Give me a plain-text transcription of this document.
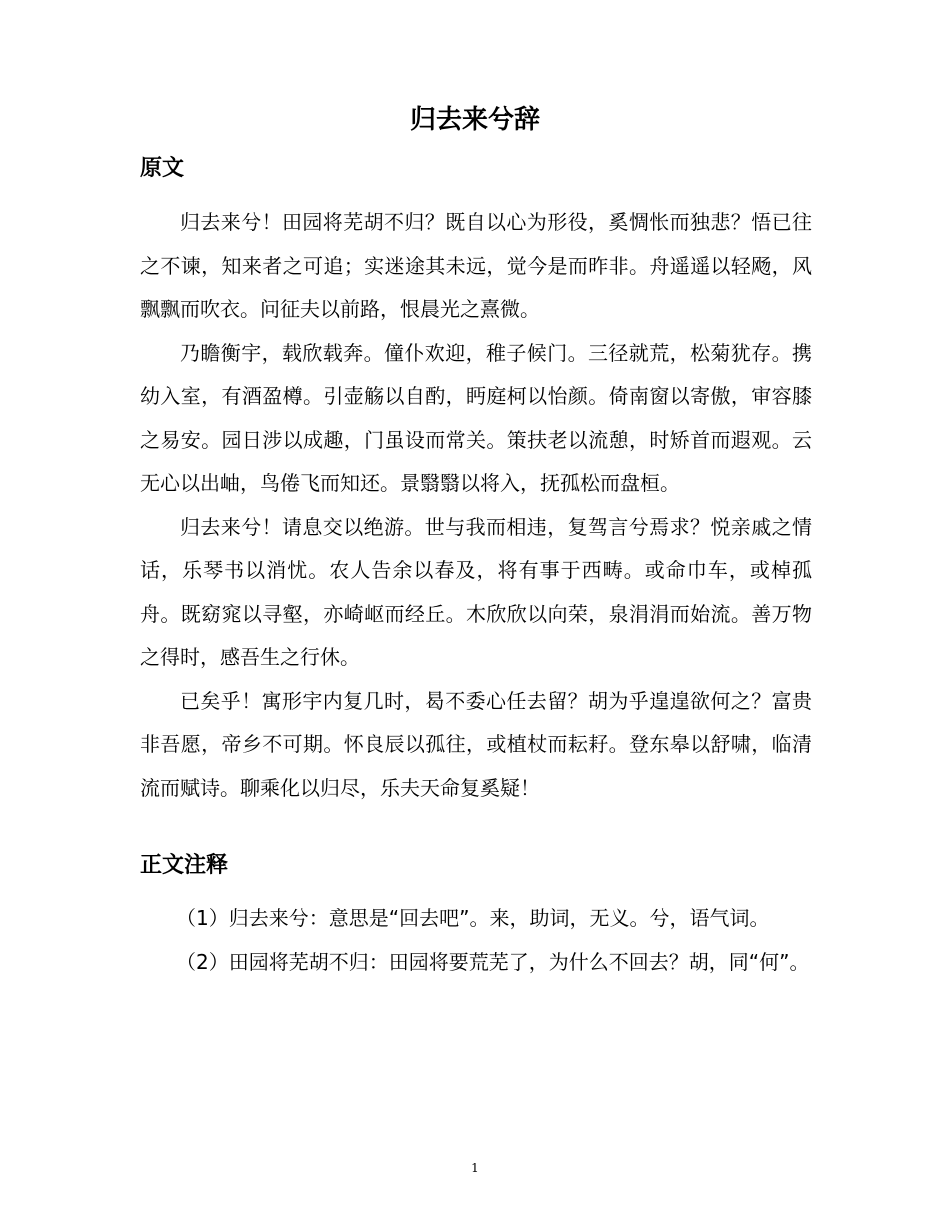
归去来兮辞
原文

归去来兮！田园将芜胡不归？既自以心为形役，奚惆怅而独悲？悟已往之不谏，知来者之可追；实迷途其未远，觉今是而昨非。舟遥遥以轻飏，风飘飘而吹衣。问征夫以前路，恨晨光之熹微。

乃瞻衡宇，载欣载奔。僮仆欢迎，稚子候门。三径就荒，松菊犹存。携幼入室，有酒盈樽。引壶觞以自酌，眄庭柯以怡颜。倚南窗以寄傲，审容膝之易安。园日涉以成趣，门虽设而常关。策扶老以流憩，时矫首而遐观。云无心以出岫，鸟倦飞而知还。景翳翳以将入，抚孤松而盘桓。

归去来兮！请息交以绝游。世与我而相违，复驾言兮焉求？悦亲戚之情话，乐琴书以消忧。农人告余以春及，将有事于西畴。或命巾车，或棹孤舟。既窈窕以寻壑，亦崎岖而经丘。木欣欣以向荣，泉涓涓而始流。善万物之得时，感吾生之行休。

已矣乎！寓形宇内复几时，曷不委心任去留？胡为乎遑遑欲何之？富贵非吾愿，帝乡不可期。怀良辰以孤往，或植杖而耘耔。登东皋以舒啸，临清流而赋诗。聊乘化以归尽，乐夫天命复奚疑！

正文注释

（1）归去来兮：意思是“回去吧”。来，助词，无义。兮，语气词。

（2）田园将芜胡不归：田园将要荒芜了，为什么不回去？胡，同“何”。

1
